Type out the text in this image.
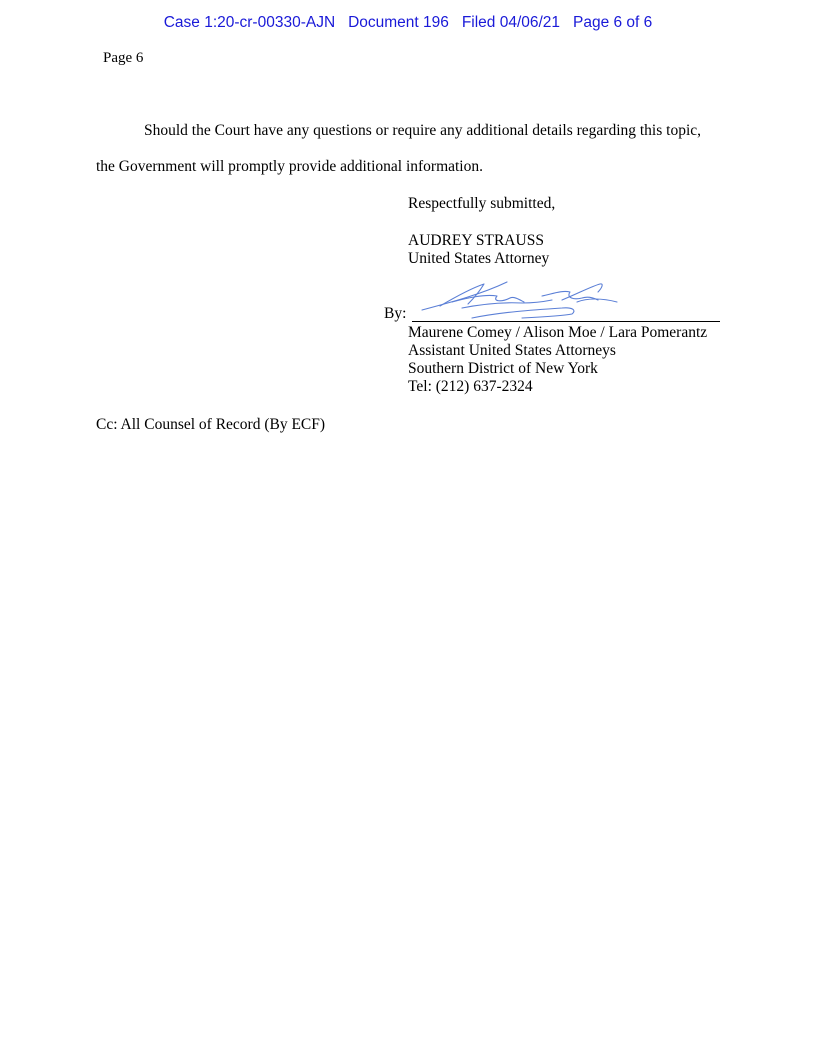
Case 1:20-cr-00330-AJN Document 196 Filed 04/06/21 Page 6 of 6
Page 6
Should the Court have any questions or require any additional details regarding this topic,
the Government will promptly provide additional information.
Respectfully submitted,
AUDREY STRAUSS
United States Attorney
By:
Maurene Comey / Alison Moe / Lara Pomerantz
Assistant United States Attorneys
Southern District of New York
Tel: (212) 637-2324
Cc: All Counsel of Record (By ECF)
